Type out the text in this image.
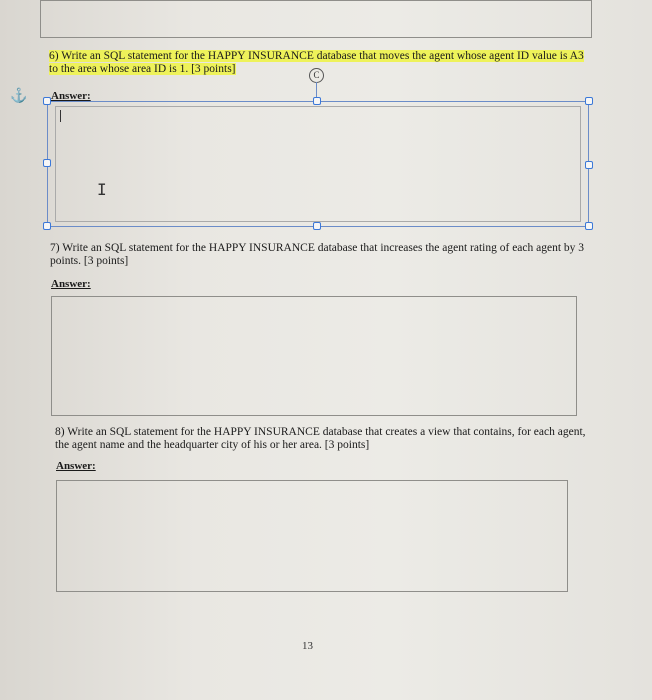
6) Write an SQL statement for the HAPPY INSURANCE database that moves the agent whose agent ID value is A3
to the area whose area ID is 1. [3 points]
⚓
C
Answer:
I
7) Write an SQL statement for the HAPPY INSURANCE database that increases the agent rating of each agent by 3
points. [3 points]
Answer:
8) Write an SQL statement for the HAPPY INSURANCE database that creates a view that contains, for each agent,
the agent name and the headquarter city of his or her area. [3 points]
Answer:
13
